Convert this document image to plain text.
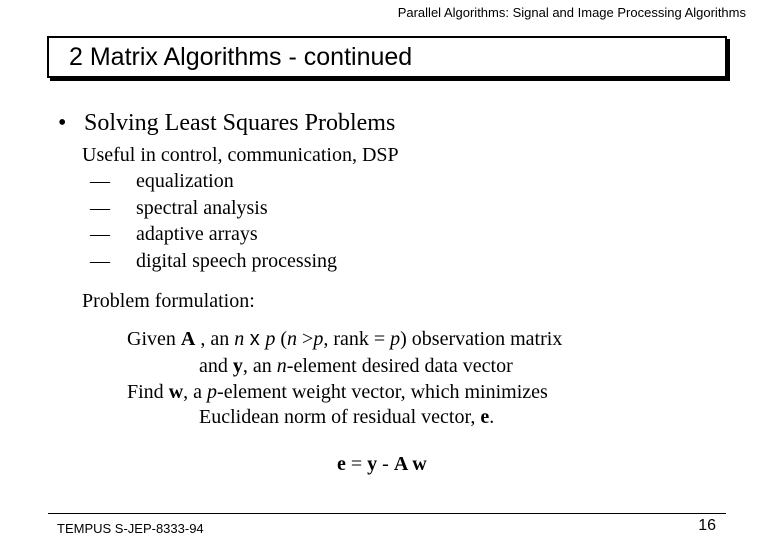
Parallel Algorithms: Signal and Image Processing Algorithms
2 Matrix Algorithms - continued
• Solving Least Squares Problems
Useful in control, communication, DSP
— equalization
— spectral analysis
— adaptive arrays
— digital speech processing
Problem formulation:
Given A , an n x p (n >p, rank = p) observation matrix
and y, an n-element desired data vector
Find w, a p-element weight vector, which minimizes
Euclidean norm of residual vector, e.
e = y - A w
TEMPUS S-JEP-8333-94	16
